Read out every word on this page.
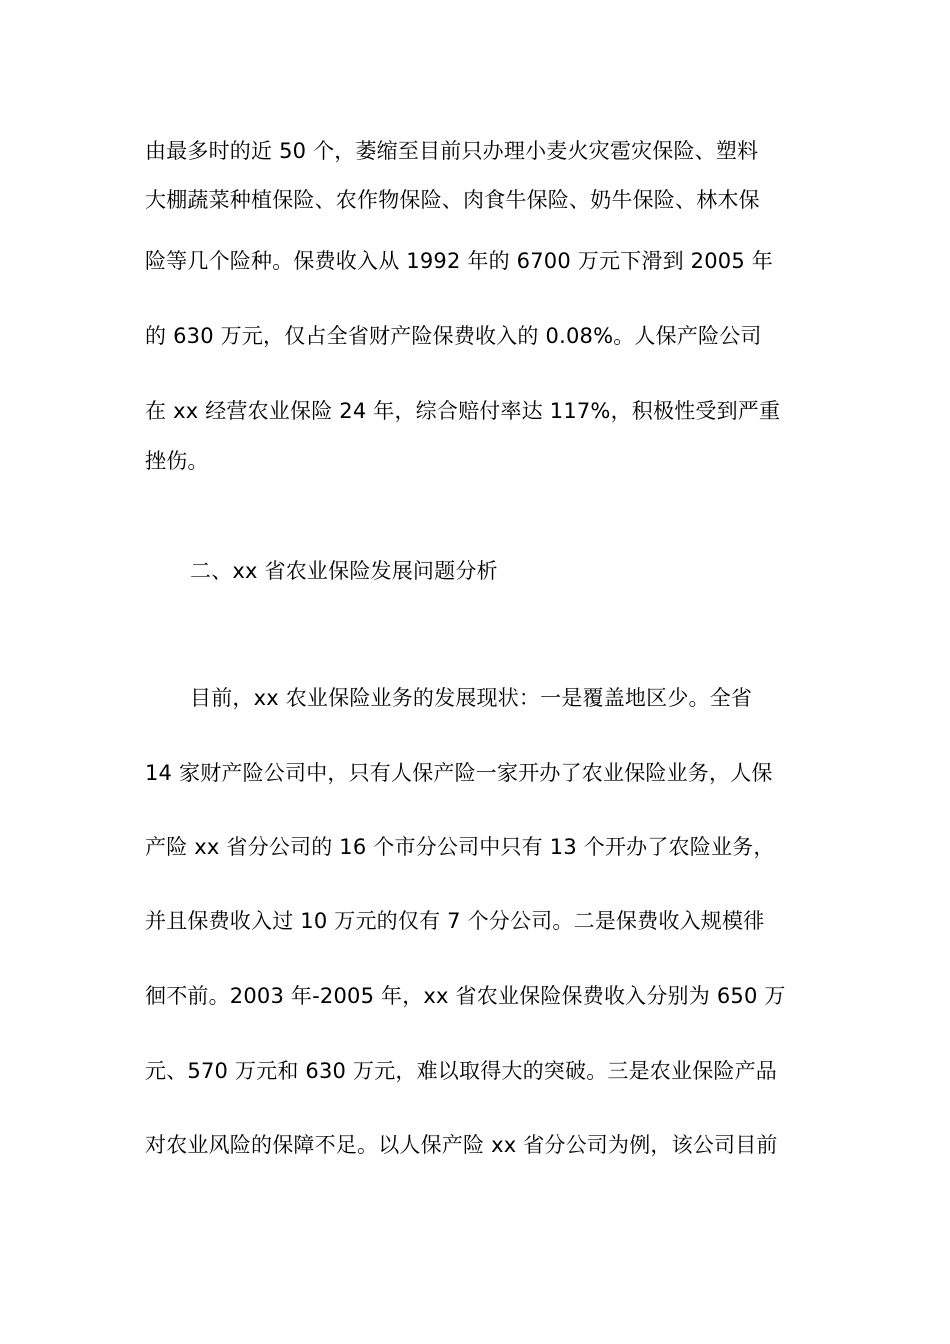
由最多时的近 50 个，萎缩至目前只办理小麦火灾雹灾保险、塑料
大棚蔬菜种植保险、农作物保险、肉食牛保险、奶牛保险、林木保
险等几个险种。保费收入从 1992 年的 6700 万元下滑到 2005 年
的 630 万元，仅占全省财产险保费收入的 0.08%。人保产险公司
在 xx 经营农业保险 24 年，综合赔付率达 117%，积极性受到严重
挫伤。
二、xx 省农业保险发展问题分析
目前，xx 农业保险业务的发展现状：一是覆盖地区少。全省
14 家财产险公司中，只有人保产险一家开办了农业保险业务，人保
产险 xx 省分公司的 16 个市分公司中只有 13 个开办了农险业务，
并且保费收入过 10 万元的仅有 7 个分公司。二是保费收入规模徘
徊不前。2003 年-2005 年，xx 省农业保险保费收入分别为 650 万
元、570 万元和 630 万元，难以取得大的突破。三是农业保险产品
对农业风险的保障不足。以人保产险 xx 省分公司为例，该公司目前
